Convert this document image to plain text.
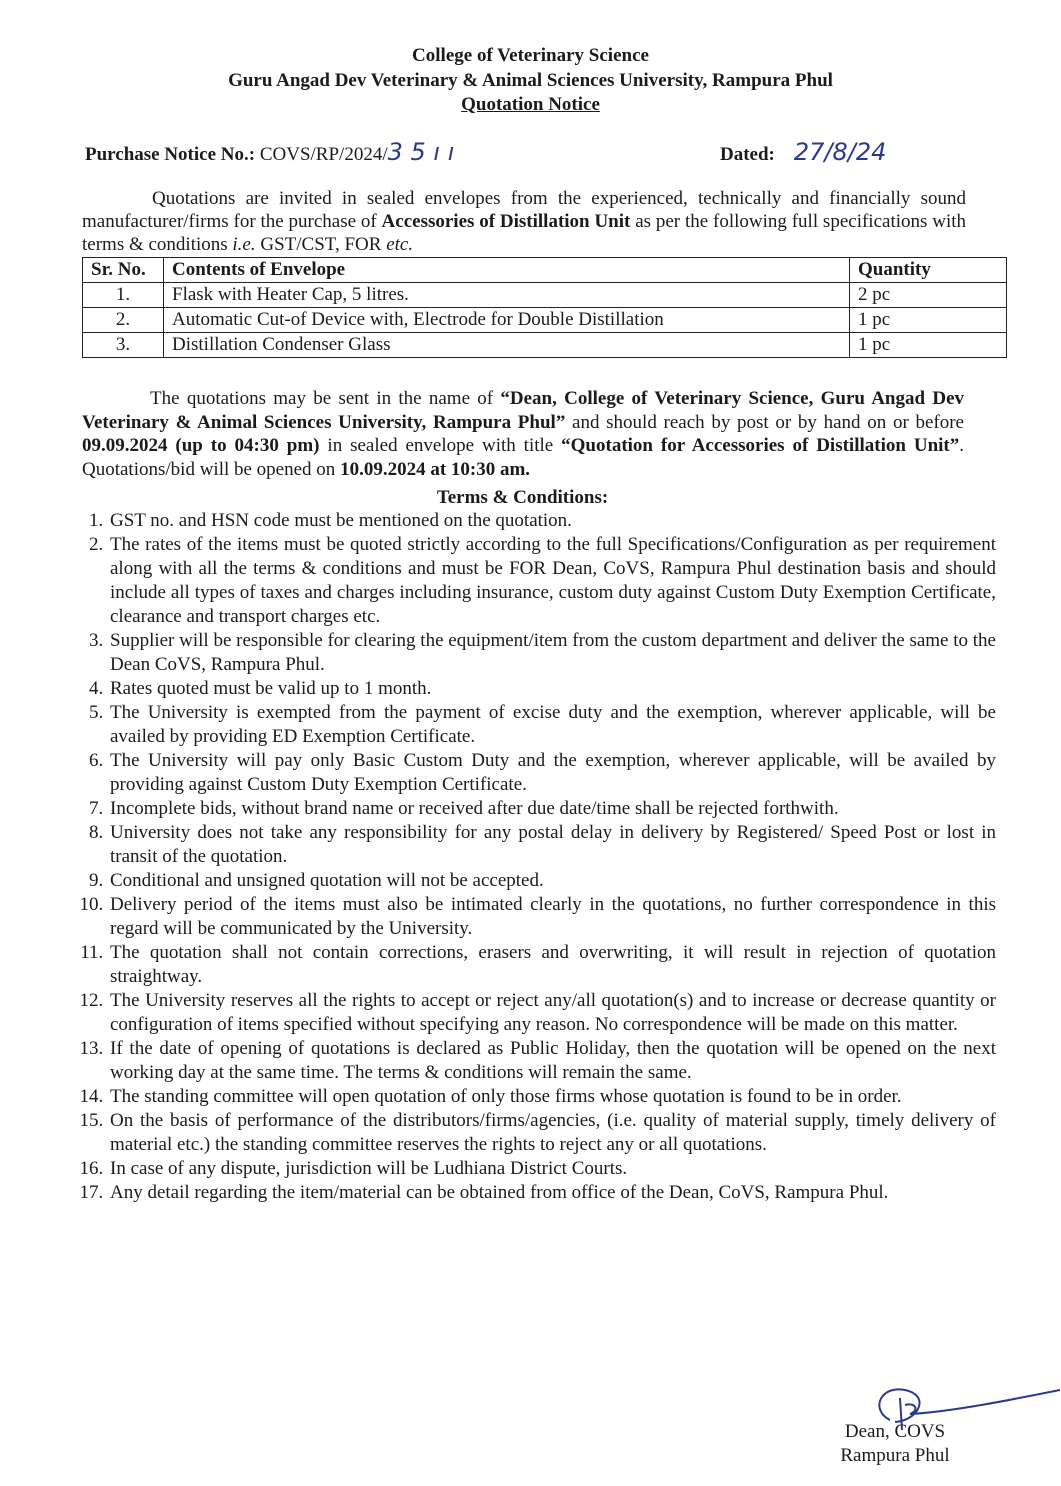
College of Veterinary Science
Guru Angad Dev Veterinary & Animal Sciences University, Rampura Phul
Quotation Notice
Purchase Notice No.: COVS/RP/2024/3 5 ı ı	Dated: 27/8/24
Quotations are invited in sealed envelopes from the experienced, technically and financially sound manufacturer/firms for the purchase of Accessories of Distillation Unit as per the following full specifications with terms & conditions i.e. GST/CST, FOR etc.
Sr. No.	Contents of Envelope	Quantity
1.	Flask with Heater Cap, 5 litres.	2 pc
2.	Automatic Cut-of Device with, Electrode for Double Distillation	1 pc
3.	Distillation Condenser Glass	1 pc
The quotations may be sent in the name of “Dean, College of Veterinary Science, Guru Angad Dev Veterinary & Animal Sciences University, Rampura Phul” and should reach by post or by hand on or before 09.09.2024 (up to 04:30 pm) in sealed envelope with title “Quotation for Accessories of Distillation Unit”. Quotations/bid will be opened on 10.09.2024 at 10:30 am.
Terms & Conditions:
1. GST no. and HSN code must be mentioned on the quotation.
2. The rates of the items must be quoted strictly according to the full Specifications/Configuration as per requirement along with all the terms & conditions and must be FOR Dean, CoVS, Rampura Phul destination basis and should include all types of taxes and charges including insurance, custom duty against Custom Duty Exemption Certificate, clearance and transport charges etc.
3. Supplier will be responsible for clearing the equipment/item from the custom department and deliver the same to the Dean CoVS, Rampura Phul.
4. Rates quoted must be valid up to 1 month.
5. The University is exempted from the payment of excise duty and the exemption, wherever applicable, will be availed by providing ED Exemption Certificate.
6. The University will pay only Basic Custom Duty and the exemption, wherever applicable, will be availed by providing against Custom Duty Exemption Certificate.
7. Incomplete bids, without brand name or received after due date/time shall be rejected forthwith.
8. University does not take any responsibility for any postal delay in delivery by Registered/ Speed Post or lost in transit of the quotation.
9. Conditional and unsigned quotation will not be accepted.
10. Delivery period of the items must also be intimated clearly in the quotations, no further correspondence in this regard will be communicated by the University.
11. The quotation shall not contain corrections, erasers and overwriting, it will result in rejection of quotation straightway.
12. The University reserves all the rights to accept or reject any/all quotation(s) and to increase or decrease quantity or configuration of items specified without specifying any reason. No correspondence will be made on this matter.
13. If the date of opening of quotations is declared as Public Holiday, then the quotation will be opened on the next working day at the same time. The terms & conditions will remain the same.
14. The standing committee will open quotation of only those firms whose quotation is found to be in order.
15. On the basis of performance of the distributors/firms/agencies, (i.e. quality of material supply, timely delivery of material etc.) the standing committee reserves the rights to reject any or all quotations.
16. In case of any dispute, jurisdiction will be Ludhiana District Courts.
17. Any detail regarding the item/material can be obtained from office of the Dean, CoVS, Rampura Phul.
Dean, COVS
Rampura Phul
